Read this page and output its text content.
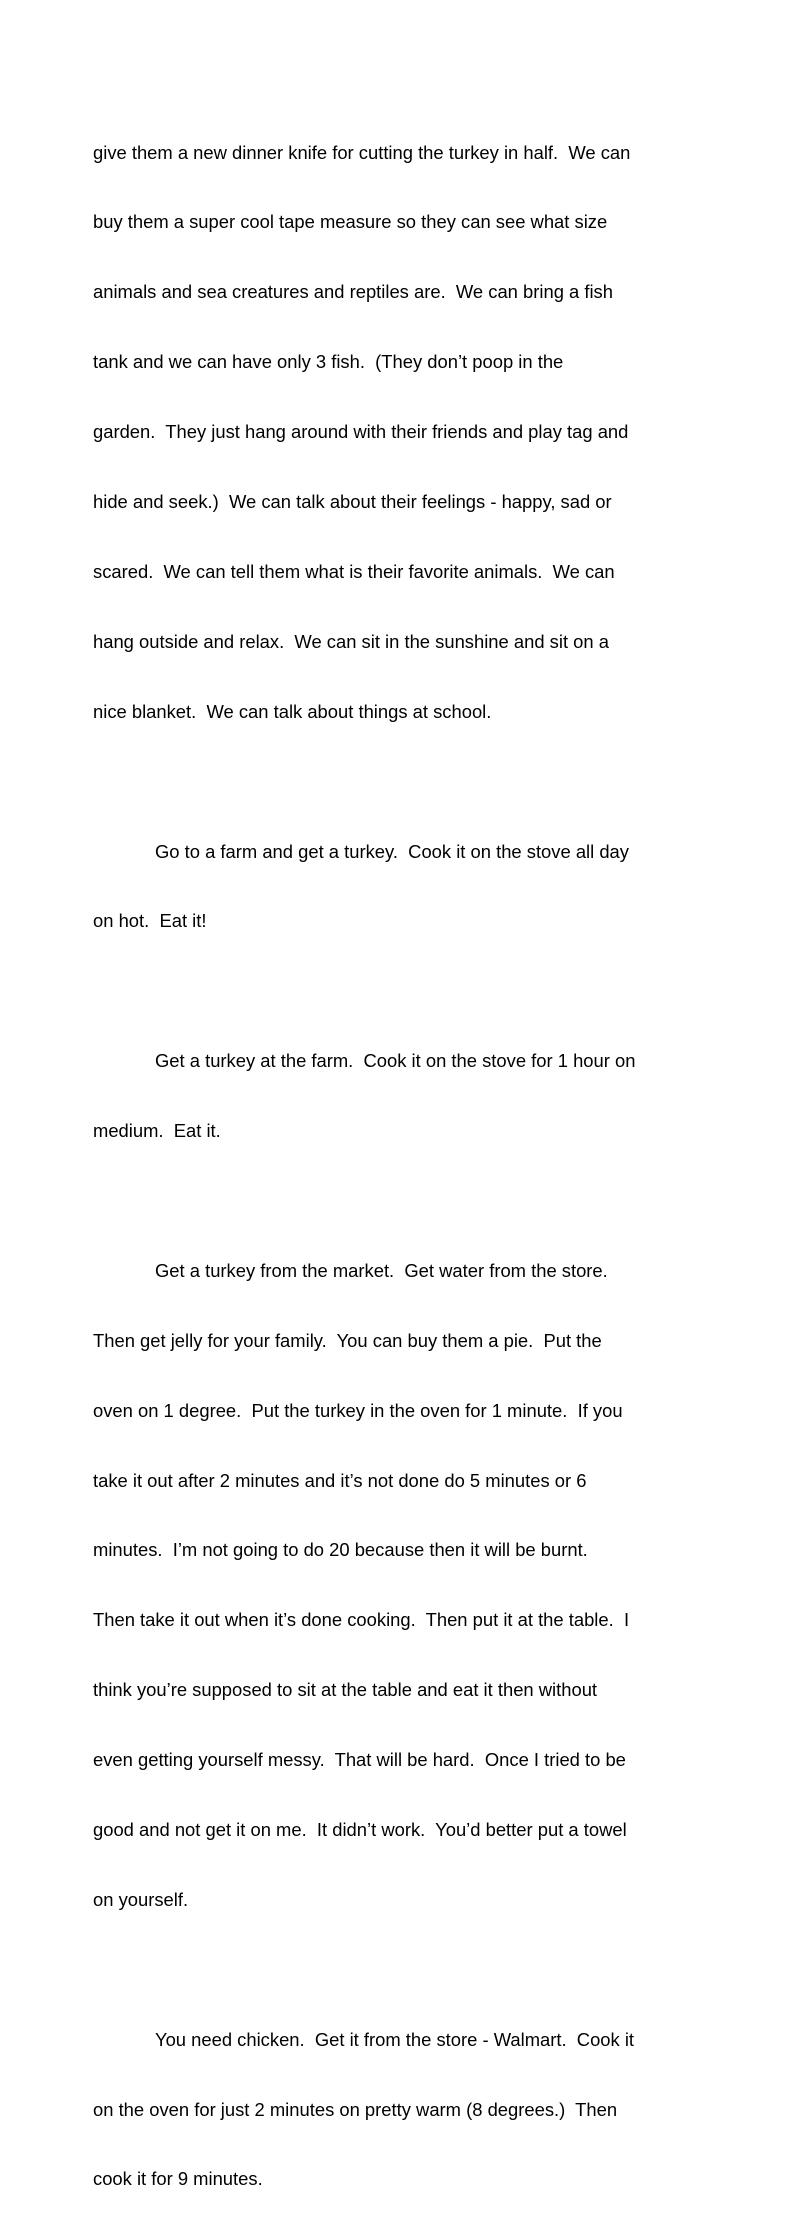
give them a new dinner knife for cutting the turkey in half.  We can

buy them a super cool tape measure so they can see what size

animals and sea creatures and reptiles are.  We can bring a fish

tank and we can have only 3 fish.  (They don’t poop in the

garden.  They just hang around with their friends and play tag and

hide and seek.)  We can talk about their feelings - happy, sad or

scared.  We can tell them what is their favorite animals.  We can

hang outside and relax.  We can sit in the sunshine and sit on a

nice blanket.  We can talk about things at school.

Go to a farm and get a turkey.  Cook it on the stove all day

on hot.  Eat it!

Get a turkey at the farm.  Cook it on the stove for 1 hour on

medium.  Eat it.

Get a turkey from the market.  Get water from the store.

Then get jelly for your family.  You can buy them a pie.  Put the

oven on 1 degree.  Put the turkey in the oven for 1 minute.  If you

take it out after 2 minutes and it’s not done do 5 minutes or 6

minutes.  I’m not going to do 20 because then it will be burnt.

Then take it out when it’s done cooking.  Then put it at the table.  I

think you’re supposed to sit at the table and eat it then without

even getting yourself messy.  That will be hard.  Once I tried to be

good and not get it on me.  It didn’t work.  You’d better put a towel

on yourself.

You need chicken.  Get it from the store - Walmart.  Cook it

on the oven for just 2 minutes on pretty warm (8 degrees.)  Then

cook it for 9 minutes.
